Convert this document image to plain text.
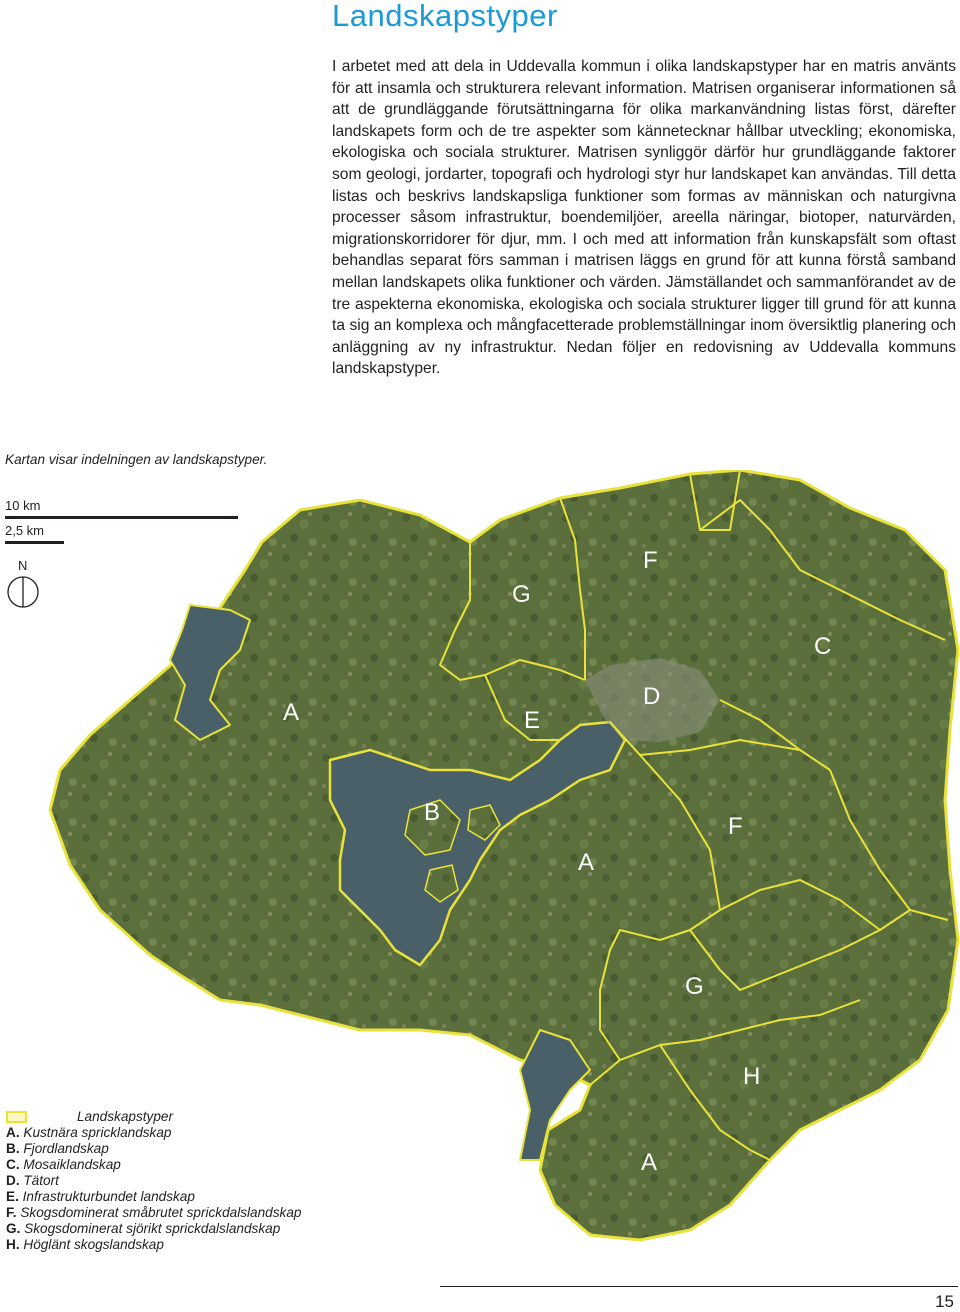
Landskapstyper

I arbetet med att dela in Uddevalla kommun i olika landskapstyper har en matris använts för att insamla och strukturera relevant information. Matrisen organiserar informationen så att de grundläggande förutsättningarna för olika markanvändning listas först, därefter landskapets form och de tre aspekter som kännetecknar hållbar utveckling; ekonomiska, ekologiska och sociala strukturer. Matrisen synliggör därför hur grundläggande faktorer som geologi, jordarter, topografi och hydrologi styr hur landskapet kan användas. Till detta listas och beskrivs landskapsliga funktioner som formas av människan och naturgivna processer såsom infrastruktur, boendemiljöer, areella näringar, biotoper, naturvärden, migrationskorridorer för djur, mm. I och med att information från kunskapsfält som oftast behandlas separat förs samman i matrisen läggs en grund för att kunna förstå samband mellan landskapets olika funktioner och värden. Jämställandet och sammanförandet av de tre aspekterna ekonomiska, ekologiska och sociala strukturer ligger till grund för att kunna ta sig an komplexa och mångfacetterade problemställningar inom översiktlig planering och anläggning av ny infrastruktur. Nedan följer en redovisning av Uddevalla kommuns landskapstyper.

Kartan visar indelningen av landskapstyper.

10 km
2,5 km
N
G
F
C
A	E
D
B
F
A
G
H
A
Landskapstyper
A. Kustnära spricklandskap
B. Fjordlandskap
C. Mosaiklandskap
D. Tätort
E. Infrastrukturbundet landskap
F. Skogsdominerat småbrutet sprickdalslandskap
G. Skogsdominerat sjörikt sprickdalslandskap
H. Höglänt skogslandskap
15
